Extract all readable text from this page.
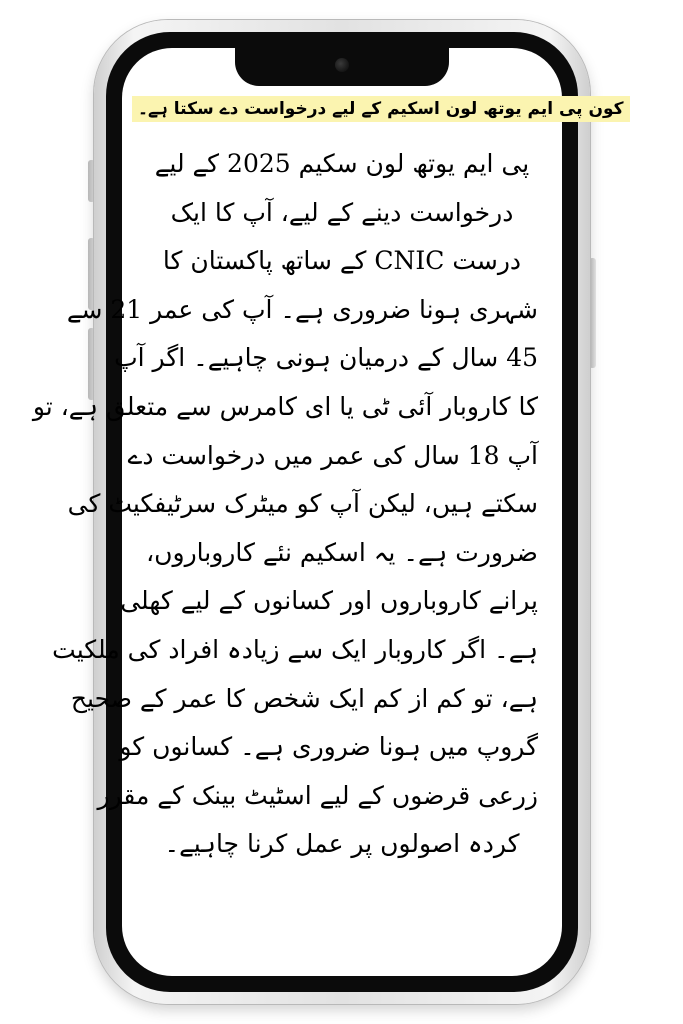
کون پی ایم یوتھ لون اسکیم کے لیے درخواست دے سکتا ہے۔
پی ایم یوتھ لون سکیم 2025 کے لیے
درخواست دینے کے لیے، آپ کا ایک
درست CNIC کے ساتھ پاکستان کا
شہری ہونا ضروری ہے۔ آپ کی عمر 21 سے
45 سال کے درمیان ہونی چاہیے۔ اگر آپ
کا کاروبار آئی ٹی یا ای کامرس سے متعلق ہے، تو
آپ 18 سال کی عمر میں درخواست دے
سکتے ہیں، لیکن آپ کو میٹرک سرٹیفکیٹ کی
ضرورت ہے۔ یہ اسکیم نئے کاروباروں،
پرانے کاروباروں اور کسانوں کے لیے کھلی
ہے۔ اگر کاروبار ایک سے زیادہ افراد کی ملکیت
ہے، تو کم از کم ایک شخص کا عمر کے صحیح
گروپ میں ہونا ضروری ہے۔ کسانوں کو
زرعی قرضوں کے لیے اسٹیٹ بینک کے مقرر
کردہ اصولوں پر عمل کرنا چاہیے۔
